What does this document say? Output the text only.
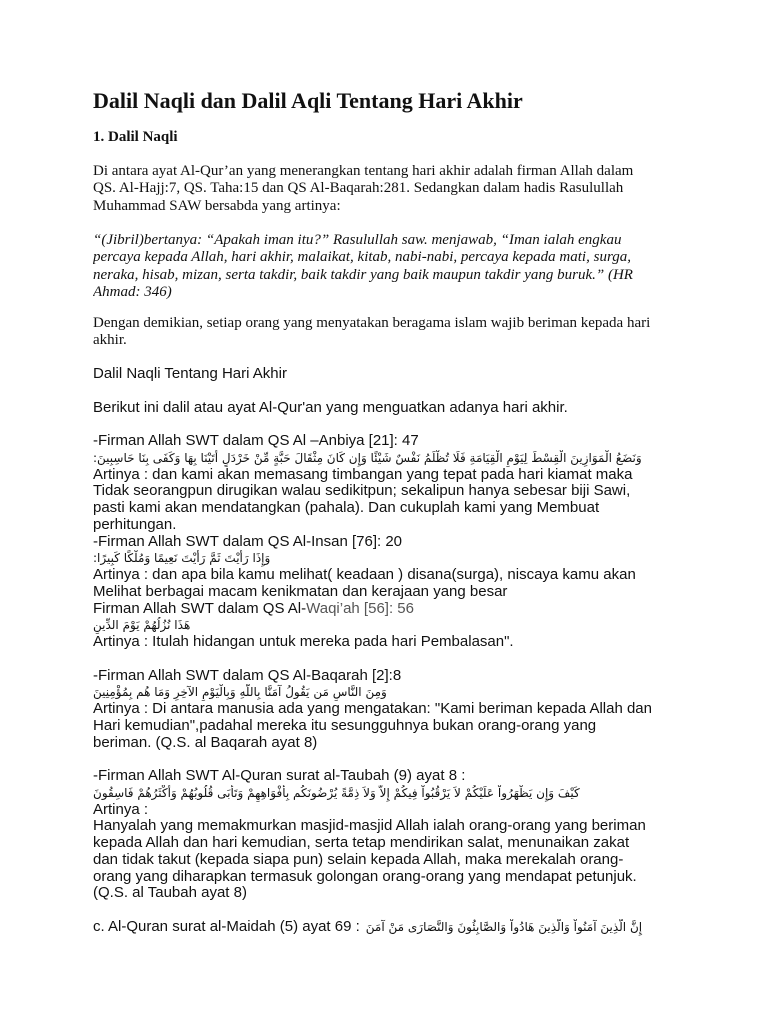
Dalil Naqli dan Dalil Aqli Tentang Hari Akhir
1. Dalil Naqli
Di antara ayat Al-Qur’an yang menerangkan tentang hari akhir adalah firman Allah dalam
QS. Al-Hajj:7, QS. Taha:15 dan QS Al-Baqarah:281. Sedangkan dalam hadis Rasulullah
Muhammad SAW bersabda yang artinya:
“(Jibril)bertanya: “Apakah iman itu?” Rasulullah saw. menjawab, “Iman ialah engkau
percaya kepada Allah, hari akhir, malaikat, kitab, nabi-nabi, percaya kepada mati, surga,
neraka, hisab, mizan, serta takdir, baik takdir yang baik maupun takdir yang buruk.” (HR
Ahmad: 346)
Dengan demikian, setiap orang yang menyatakan beragama islam wajib beriman kepada hari
akhir.
Dalil Naqli Tentang Hari Akhir
Berikut ini dalil atau ayat Al-Qur'an yang menguatkan adanya hari akhir.
-Firman Allah SWT dalam QS Al –Anbiya [21]: 47
وَنَضَعُ الْمَوَازِينَ الْقِسْطَ لِيَوْمِ الْقِيَامَةِ فَلَا تُظْلَمُ نَفْسٌ شَيْئًا وَإِن كَانَ مِثْقَالَ حَبَّةٍ مِّنْ خَرْدَلٍ أَتَيْنَا بِهَا وَكَفَى بِنَا حَاسِبِينَ:
Artinya : dan kami akan memasang timbangan yang tepat pada hari kiamat maka
Tidak seorangpun dirugikan walau sedikitpun; sekalipun hanya sebesar biji Sawi,
pasti kami akan mendatangkan (pahala). Dan cukuplah kami yang Membuat
perhitungan.
-Firman Allah SWT dalam QS Al-Insan [76]: 20
وَإِذَا رَأَيْتَ ثَمَّ رَأَيْتَ نَعِيمًا وَمُلْكًا كَبِيرًا:
Artinya : dan apa bila kamu melihat( keadaan ) disana(surga), niscaya kamu akan
Melihat berbagai macam kenikmatan dan kerajaan yang besar
Firman Allah SWT dalam QS Al-Waqi’ah [56]: 56
هَذَا نُزُلُهُمْ يَوْمَ الدِّينِ
Artinya : Itulah hidangan untuk mereka pada hari Pembalasan".
-Firman Allah SWT dalam QS Al-Baqarah [2]:8
وَمِنَ النَّاسِ مَن يَقُولُ آمَنَّا بِاللّهِ وَبِالْيَوْمِ الآخِرِ وَمَا هُم بِمُؤْمِنِينَ
Artinya : Di antara manusia ada yang mengatakan: "Kami beriman kepada Allah dan
Hari kemudian",padahal mereka itu sesungguhnya bukan orang-orang yang
beriman. (Q.S. al Baqarah ayat 8)
-Firman Allah SWT Al-Quran surat al-Taubah (9) ayat 8 :
كَيْفَ وَإِن يَظْهَرُواْ عَلَيْكُمْ لاَ يَرْقُبُواْ فِيكُمْ إِلاًّ وَلاَ ذِمَّةً يُرْضُونَكُم بِأَفْوَاهِهِمْ وَتَأْبَى قُلُوبُهُمْ وَأَكْثَرُهُمْ فَاسِقُونَ
Artinya :
Hanyalah yang memakmurkan masjid-masjid Allah ialah orang-orang yang beriman
kepada Allah dan hari kemudian, serta tetap mendirikan salat, menunaikan zakat
dan tidak takut (kepada siapa pun) selain kepada Allah, maka merekalah orang-
orang yang diharapkan termasuk golongan orang-orang yang mendapat petunjuk.
(Q.S. al Taubah ayat 8)
c. Al-Quran surat al-Maidah (5) ayat 69 : إِنَّ الَّذِينَ آمَنُواْ وَالَّذِينَ هَادُواْ وَالصَّابِئُونَ وَالنَّصَارَى مَنْ آمَنَ
